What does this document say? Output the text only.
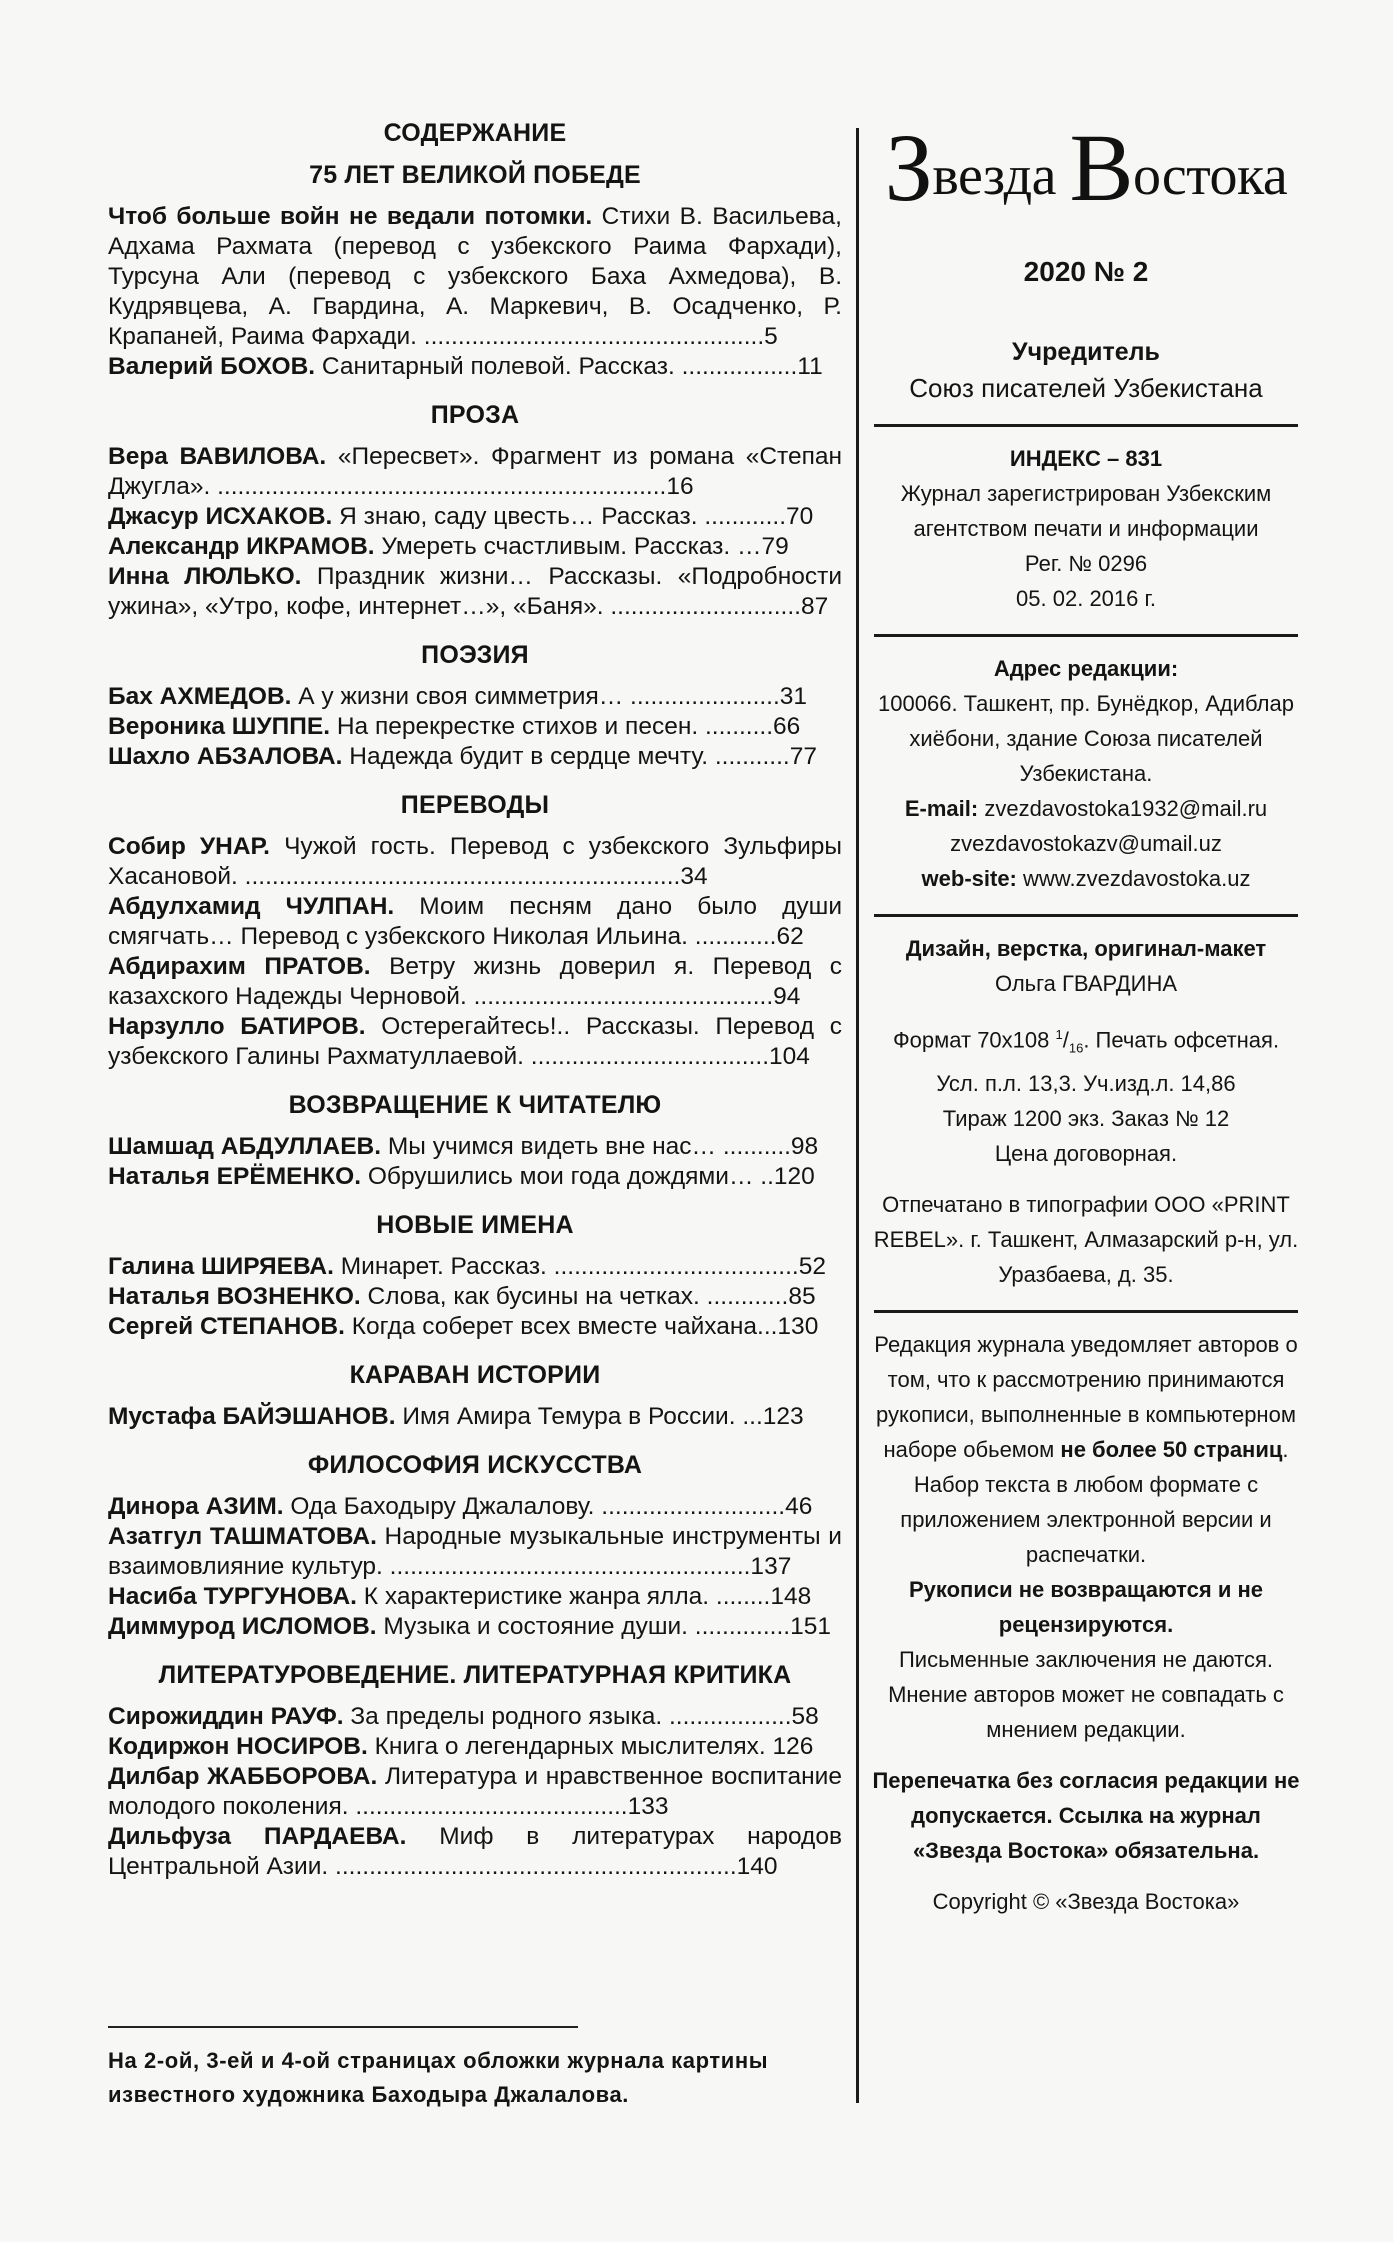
СОДЕРЖАНИЕ
75 ЛЕТ ВЕЛИКОЙ ПОБЕДЕ
Чтоб больше войн не ведали потомки. Стихи В. Васильева, Адхама Рахмата (перевод с узбекского Раима Фархади), Турсуна Али (перевод с узбекского Баха Ахмедова), В. Кудрявцева, А. Гвардина, А. Маркевич, В. Осадченко, Р. Крапаней, Раима Фархади. ..................................................5
Валерий БОХОВ. Санитарный полевой. Рассказ. .................11
ПРОЗА
Вера ВАВИЛОВА. «Пересвет». Фрагмент из романа «Степан Джугла». ..................................................................16
Джасур ИСХАКОВ. Я знаю, саду цвесть… Рассказ. ............70
Александр ИКРАМОВ. Умереть счастливым. Рассказ. …79
Инна ЛЮЛЬКО. Праздник жизни… Рассказы. «Подробности ужина», «Утро, кофе, интернет…», «Баня». ............................87
ПОЭЗИЯ
Бах АХМЕДОВ. А у жизни своя симметрия… ......................31
Вероника ШУППЕ. На перекрестке стихов и песен. ..........66
Шахло АБЗАЛОВА. Надежда будит в сердце мечту. ...........77
ПЕРЕВОДЫ
Собир УНАР. Чужой гость. Перевод с узбекского Зульфиры Хасановой. ................................................................34
Абдулхамид ЧУЛПАН. Моим песням дано было души смягчать… Перевод с узбекского Николая Ильина. ............62
Абдирахим ПРАТОВ. Ветру жизнь доверил я. Перевод с казахского Надежды Черновой. ............................................94
Нарзулло БАТИРОВ. Остерегайтесь!.. Рассказы. Перевод с узбекского Галины Рахматуллаевой. ...................................104
ВОЗВРАЩЕНИЕ К ЧИТАТЕЛЮ
Шамшад АБДУЛЛАЕВ. Мы учимся видеть вне нас… ..........98
Наталья ЕРЁМЕНКО. Обрушились мои года дождями… ..120
НОВЫЕ ИМЕНА
Галина ШИРЯЕВА. Минарет. Рассказ. ....................................52
Наталья ВОЗНЕНКО. Слова, как бусины на четках. ............85
Сергей СТЕПАНОВ. Когда соберет всех вместе чайхана...130
КАРАВАН ИСТОРИИ
Мустафа БАЙЭШАНОВ. Имя Амира Темура в России. ...123
ФИЛОСОФИЯ ИСКУССТВА
Динора АЗИМ. Ода Баходыру Джалалову. ...........................46
Азатгул ТАШМАТОВА. Народные музыкальные инструменты и взаимовлияние культур. .....................................................137
Насиба ТУРГУНОВА. К характеристике жанра ялла. ........148
Диммурод ИСЛОМОВ. Музыка и состояние души. ..............151
ЛИТЕРАТУРОВЕДЕНИЕ. ЛИТЕРАТУРНАЯ КРИТИКА
Сирожиддин РАУФ. За пределы родного языка. ..................58
Кодиржон НОСИРОВ. Книга о легендарных мыслителях. 126
Дилбар ЖАББОРОВА. Литература и нравственное воспитание молодого поколения. ........................................133
Дильфуза ПАРДАЕВА. Миф в литературах народов Центральной Азии. ...........................................................140
На 2-ой, 3-ей и 4-ой страницах обложки журнала картины известного художника Баходыра Джалалова.
Звезда Востока
2020 № 2
Учредитель
Союз писателей Узбекистана
ИНДЕКС – 831
Журнал зарегистрирован Узбекским агентством печати и информации
Рег. № 0296
05. 02. 2016 г.
Адрес редакции:
100066. Ташкент, пр. Бунёдкор, Адиблар хиёбони, здание Союза писателей Узбекистана.
E-mail: zvezdavostoka1932@mail.ru
zvezdavostokazv@umail.uz
web-site: www.zvezdavostoka.uz
Дизайн, верстка, оригинал-макет
Ольга ГВАРДИНА
Формат 70х108 $^1/_{16}$. Печать офсетная.
Усл. п.л. 13,3. Уч.изд.л. 14,86
Тираж 1200 экз. Заказ № 12
Цена договорная.
Отпечатано в типографии ООО «PRINT REBEL». г. Ташкент, Алмазарский р-н, ул. Уразбаева, д. 35.
Редакция журнала уведомляет авторов о том, что к рассмотрению принимаются рукописи, выполненные в компьютерном наборе обьемом не более 50 страниц. Набор текста в любом формате с приложением электронной версии и распечатки.
Рукописи не возвращаются и не рецензируются.
Письменные заключения не даются. Мнение авторов может не совпадать с мнением редакции.
Перепечатка без согласия редакции не допускается. Ссылка на журнал «Звезда Востока» обязательна.
Copyright © «Звезда Востока»
